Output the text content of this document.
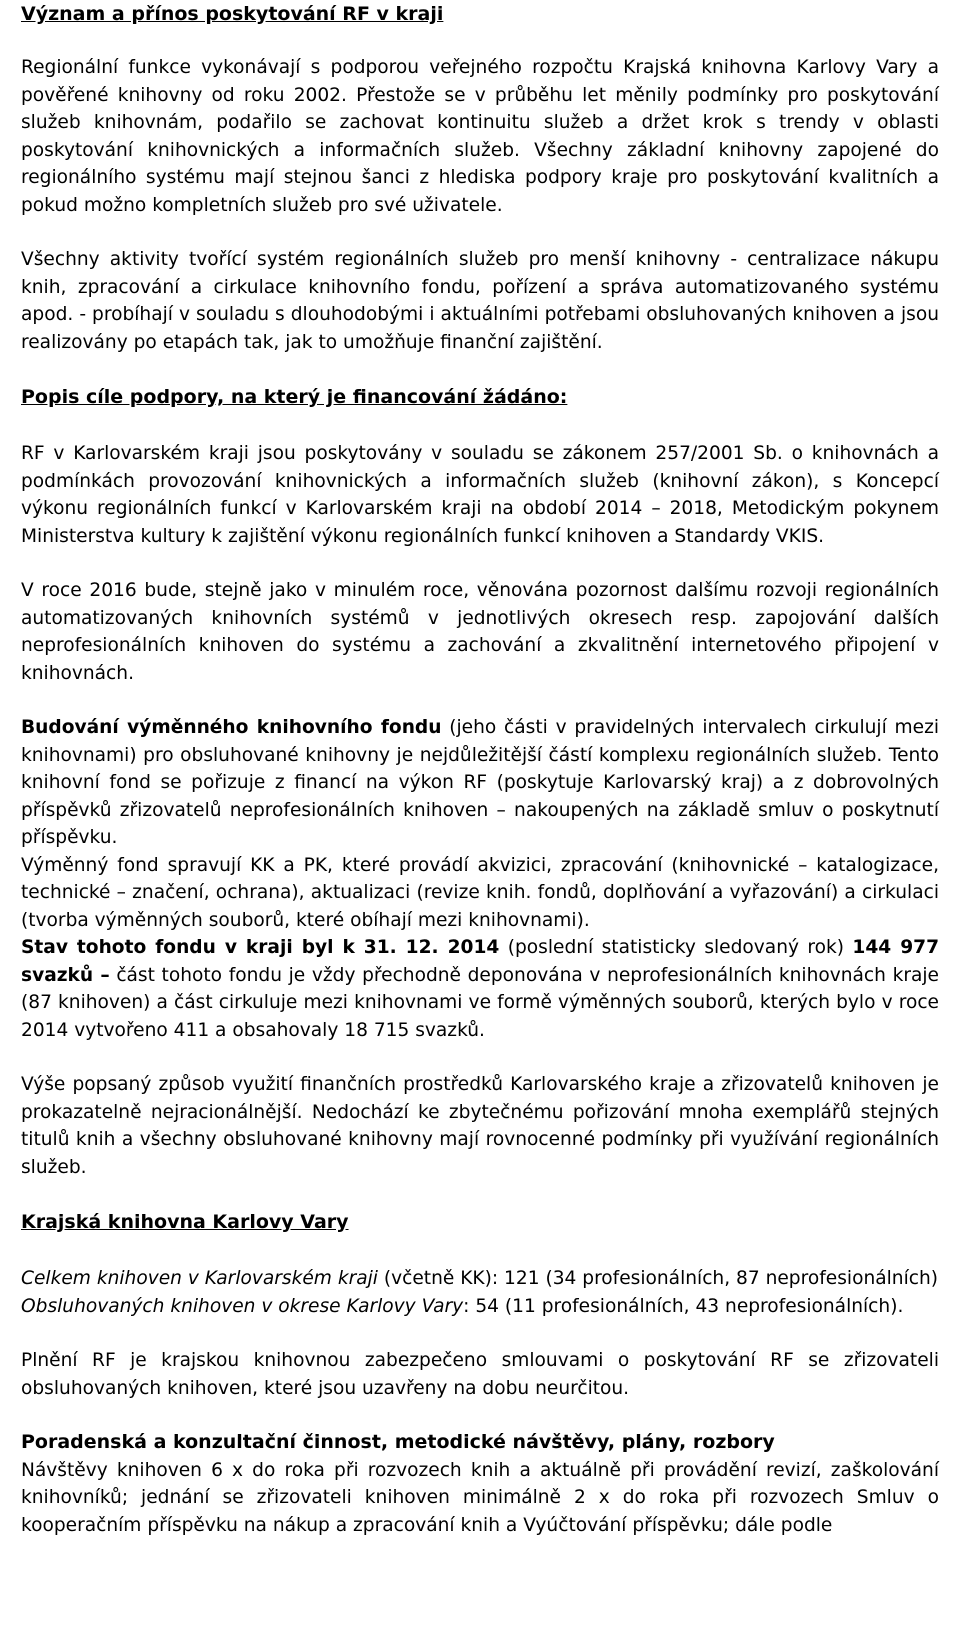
Význam a přínos poskytování RF v kraji

Regionální funkce vykonávají s podporou veřejného rozpočtu Krajská knihovna Karlovy Vary a pověřené knihovny od roku 2002. Přestože se v průběhu let měnily podmínky pro poskytování služeb knihovnám, podařilo se zachovat kontinuitu služeb a držet krok s trendy v oblasti poskytování knihovnických a informačních služeb. Všechny základní knihovny zapojené do regionálního systému mají stejnou šanci z hlediska podpory kraje pro poskytování kvalitních a pokud možno kompletních služeb pro své uživatele.

Všechny aktivity tvořící systém regionálních služeb pro menší knihovny - centralizace nákupu knih, zpracování a cirkulace knihovního fondu, pořízení a správa automatizovaného systému apod. - probíhají v souladu s dlouhodobými i aktuálními potřebami obsluhovaných knihoven a jsou realizovány po etapách tak, jak to umožňuje finanční zajištění.

Popis cíle podpory, na který je financování žádáno:

RF v Karlovarském kraji jsou poskytovány v souladu se zákonem 257/2001 Sb. o knihovnách a podmínkách provozování knihovnických a informačních služeb (knihovní zákon), s Koncepcí výkonu regionálních funkcí v Karlovarském kraji na období 2014 – 2018, Metodickým pokynem Ministerstva kultury k zajištění výkonu regionálních funkcí knihoven a Standardy VKIS.

V roce 2016 bude, stejně jako v minulém roce, věnována pozornost dalšímu rozvoji regionálních automatizovaných knihovních systémů v jednotlivých okresech resp. zapojování dalších neprofesionálních knihoven do systému a zachování a zkvalitnění internetového připojení v knihovnách.

Budování výměnného knihovního fondu (jeho části v pravidelných intervalech cirkulují mezi knihovnami) pro obsluhované knihovny je nejdůležitější částí komplexu regionálních služeb. Tento knihovní fond se pořizuje z financí na výkon RF (poskytuje Karlovarský kraj) a z dobrovolných příspěvků zřizovatelů neprofesionálních knihoven – nakoupených na základě smluv o poskytnutí příspěvku.

Výměnný fond spravují KK a PK, které provádí akvizici, zpracování (knihovnické – katalogizace, technické – značení, ochrana), aktualizaci (revize knih. fondů, doplňování a vyřazování) a cirkulaci (tvorba výměnných souborů, které obíhají mezi knihovnami).

Stav tohoto fondu v kraji byl k 31. 12. 2014 (poslední statisticky sledovaný rok) 144 977 svazků – část tohoto fondu je vždy přechodně deponována v neprofesionálních knihovnách kraje (87 knihoven) a část cirkuluje mezi knihovnami ve formě výměnných souborů, kterých bylo v roce 2014 vytvořeno 411 a obsahovaly 18 715 svazků.

Výše popsaný způsob využití finančních prostředků Karlovarského kraje a zřizovatelů knihoven je prokazatelně nejracionálnější. Nedochází ke zbytečnému pořizování mnoha exemplářů stejných titulů knih a všechny obsluhované knihovny mají rovnocenné podmínky při využívání regionálních služeb.

Krajská knihovna Karlovy Vary

Celkem knihoven v Karlovarském kraji (včetně KK): 121 (34 profesionálních, 87 neprofesionálních)

Obsluhovaných knihoven v okrese Karlovy Vary: 54 (11 profesionálních, 43 neprofesionálních).

Plnění RF je krajskou knihovnou zabezpečeno smlouvami o poskytování RF se zřizovateli obsluhovaných knihoven, které jsou uzavřeny na dobu neurčitou.

Poradenská a konzultační činnost, metodické návštěvy, plány, rozbory

Návštěvy knihoven 6 x do roka při rozvozech knih a aktuálně při provádění revizí, zaškolování knihovníků; jednání se zřizovateli knihoven minimálně 2 x do roka při rozvozech Smluv o kooperačním příspěvku na nákup a zpracování knih a Vyúčtování příspěvku; dále podle
